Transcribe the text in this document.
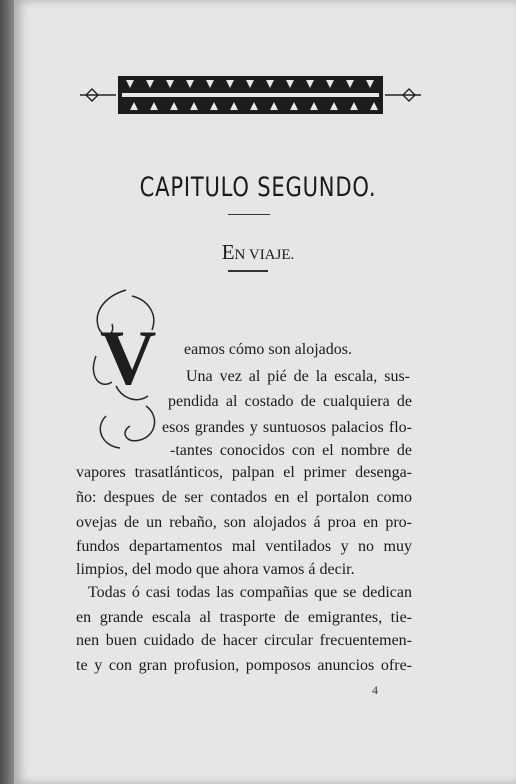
CAPITULO SEGUNDO.
EN VIAJE.
V eamos cómo son alojados.
Una vez al pié de la escala, sus-
pendida al costado de cualquiera de
esos grandes y suntuosos palacios flo-
-tantes conocidos con el nombre de
vapores trasatlánticos, palpan el primer desenga-
ño: despues de ser contados en el portalon como
ovejas de un rebaño, son alojados á proa en pro-
fundos departamentos mal ventilados y no muy
limpios, del modo que ahora vamos á decir.
Todas ó casi todas las compañias que se dedican
en grande escala al trasporte de emigrantes, tie-
nen buen cuidado de hacer circular frecuentemen-
te y con gran profusion, pomposos anuncios ofre-
4
